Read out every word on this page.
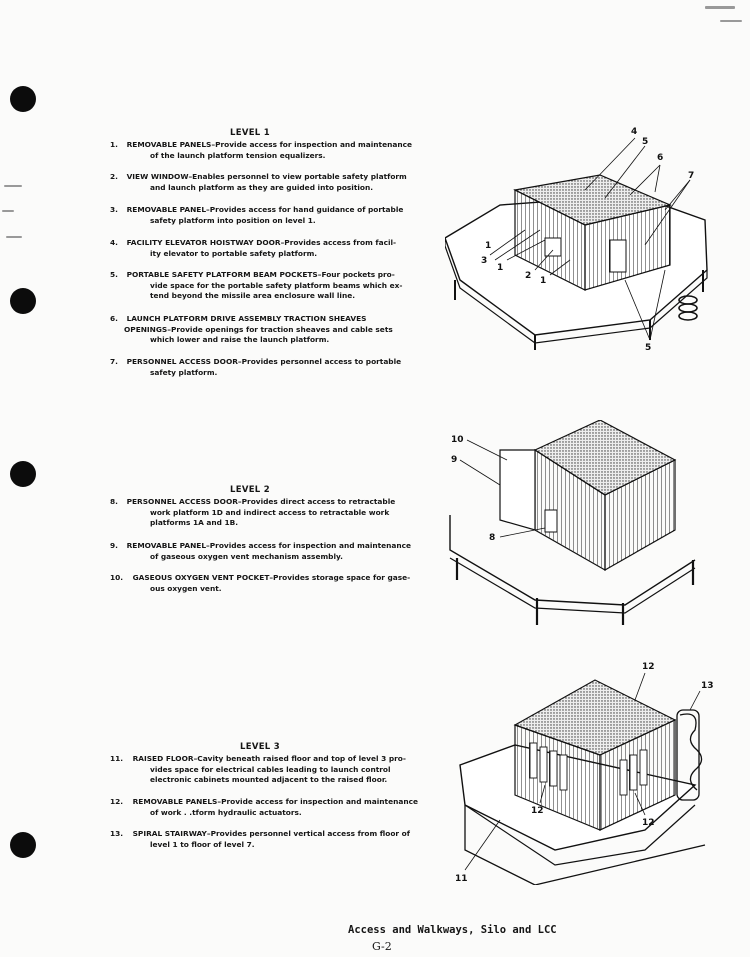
LEVEL 1
1. REMOVABLE PANELS–Provide access for inspection and maintenance
of the launch platform tension equalizers.
2. VIEW WINDOW–Enables personnel to view portable safety platform
and launch platform as they are guided into position.
3. REMOVABLE PANEL–Provides access for hand guidance of portable
safety platform into position on level 1.
4. FACILITY ELEVATOR HOISTWAY DOOR–Provides access from facil-
ity elevator to portable safety platform.
5. PORTABLE SAFETY PLATFORM BEAM POCKETS–Four pockets pro-
vide space for the portable safety platform beams which ex-
tend beyond the missile area enclosure wall line.
6. LAUNCH PLATFORM DRIVE ASSEMBLY TRACTION SHEAVES
OPENINGS–Provide openings for traction sheaves and cable sets
which lower and raise the launch platform.
7. PERSONNEL ACCESS DOOR–Provides personnel access to portable
safety platform.
LEVEL 2
8. PERSONNEL ACCESS DOOR–Provides direct access to retractable
work platform 1D and indirect access to retractable work
platforms 1A and 1B.
9. REMOVABLE PANEL–Provides access for inspection and maintenance
of gaseous oxygen vent mechanism assembly.
10. GASEOUS OXYGEN VENT POCKET–Provides storage space for gase-
ous oxygen vent.
LEVEL 3
11. RAISED FLOOR–Cavity beneath raised floor and top of level 3 pro-
vides space for electrical cables leading to launch control
electronic cabinets mounted adjacent to the raised floor.
12. REMOVABLE PANELS–Provide access for inspection and maintenance
of work . .tform hydraulic actuators.
13. SPIRAL STAIRWAY–Provides personnel vertical access from floor of
level 1 to floor of level 7.
4
5
6
7
3
1
2 1
1
5
10
9
8
12
13
12
12
11
Access and Walkways, Silo and LCC
G-2
